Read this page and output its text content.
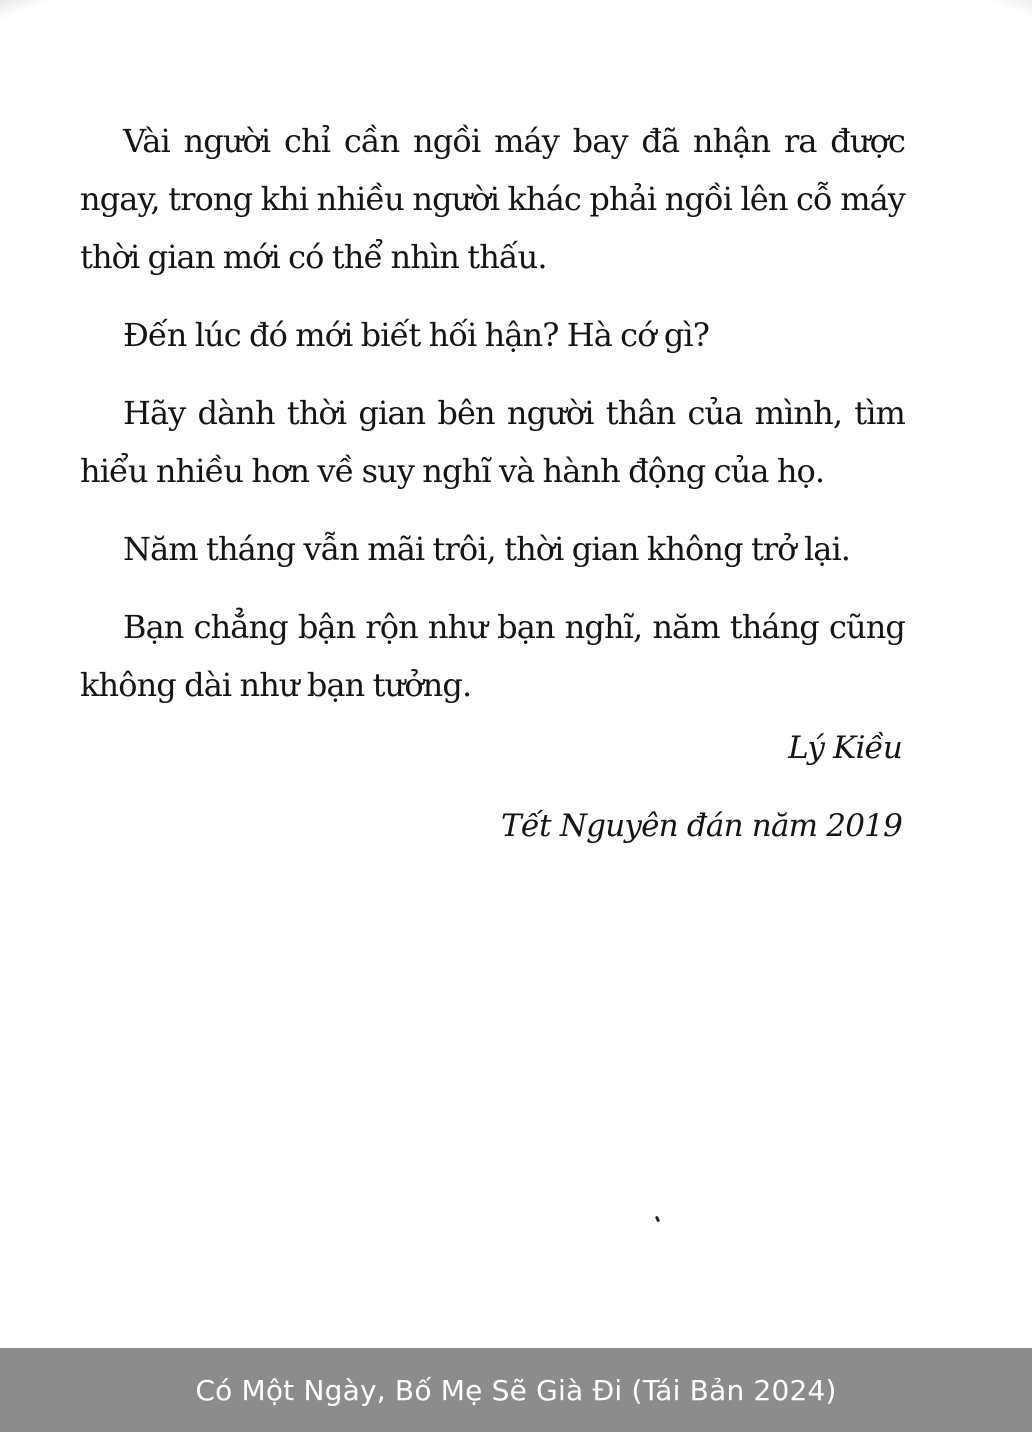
Vài người chỉ cần ngồi máy bay đã nhận ra được ngay, trong khi nhiều người khác phải ngồi lên cỗ máy thời gian mới có thể nhìn thấu.

Đến lúc đó mới biết hối hận? Hà cớ gì?

Hãy dành thời gian bên người thân của mình, tìm hiểu nhiều hơn về suy nghĩ và hành động của họ.

Năm tháng vẫn mãi trôi, thời gian không trở lại.

Bạn chẳng bận rộn như bạn nghĩ, năm tháng cũng không dài như bạn tưởng.

Lý Kiều
Tết Nguyên đán năm 2019
Có Một Ngày, Bố Mẹ Sẽ Già Đi (Tái Bản 2024)
